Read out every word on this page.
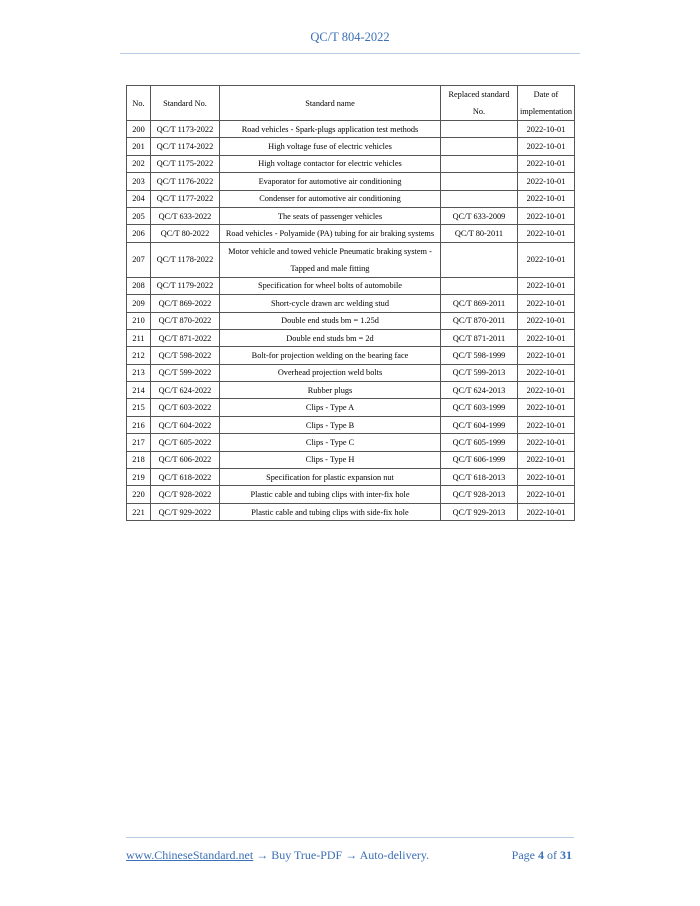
QC/T 804-2022
No.	Standard No.	Standard name	Replaced standard No.	Date of implementation
200	QC/T 1173-2022	Road vehicles - Spark-plugs application test methods		2022-10-01
201	QC/T 1174-2022	High voltage fuse of electric vehicles		2022-10-01
202	QC/T 1175-2022	High voltage contactor for electric vehicles		2022-10-01
203	QC/T 1176-2022	Evaporator for automotive air conditioning		2022-10-01
204	QC/T 1177-2022	Condenser for automotive air conditioning		2022-10-01
205	QC/T 633-2022	The seats of passenger vehicles	QC/T 633-2009	2022-10-01
206	QC/T 80-2022	Road vehicles - Polyamide (PA) tubing for air braking systems	QC/T 80-2011	2022-10-01
207	QC/T 1178-2022	Motor vehicle and towed vehicle Pneumatic braking system - Tapped and male fitting		2022-10-01
208	QC/T 1179-2022	Specification for wheel bolts of automobile		2022-10-01
209	QC/T 869-2022	Short-cycle drawn arc welding stud	QC/T 869-2011	2022-10-01
210	QC/T 870-2022	Double end studs bm = 1.25d	QC/T 870-2011	2022-10-01
211	QC/T 871-2022	Double end studs bm = 2d	QC/T 871-2011	2022-10-01
212	QC/T 598-2022	Bolt-for projection welding on the bearing face	QC/T 598-1999	2022-10-01
213	QC/T 599-2022	Overhead projection weld bolts	QC/T 599-2013	2022-10-01
214	QC/T 624-2022	Rubber plugs	QC/T 624-2013	2022-10-01
215	QC/T 603-2022	Clips - Type A	QC/T 603-1999	2022-10-01
216	QC/T 604-2022	Clips - Type B	QC/T 604-1999	2022-10-01
217	QC/T 605-2022	Clips - Type C	QC/T 605-1999	2022-10-01
218	QC/T 606-2022	Clips - Type H	QC/T 606-1999	2022-10-01
219	QC/T 618-2022	Specification for plastic expansion nut	QC/T 618-2013	2022-10-01
220	QC/T 928-2022	Plastic cable and tubing clips with inter-fix hole	QC/T 928-2013	2022-10-01
221	QC/T 929-2022	Plastic cable and tubing clips with side-fix hole	QC/T 929-2013	2022-10-01
www.ChineseStandard.net → Buy True-PDF → Auto-delivery.	Page 4 of 31
